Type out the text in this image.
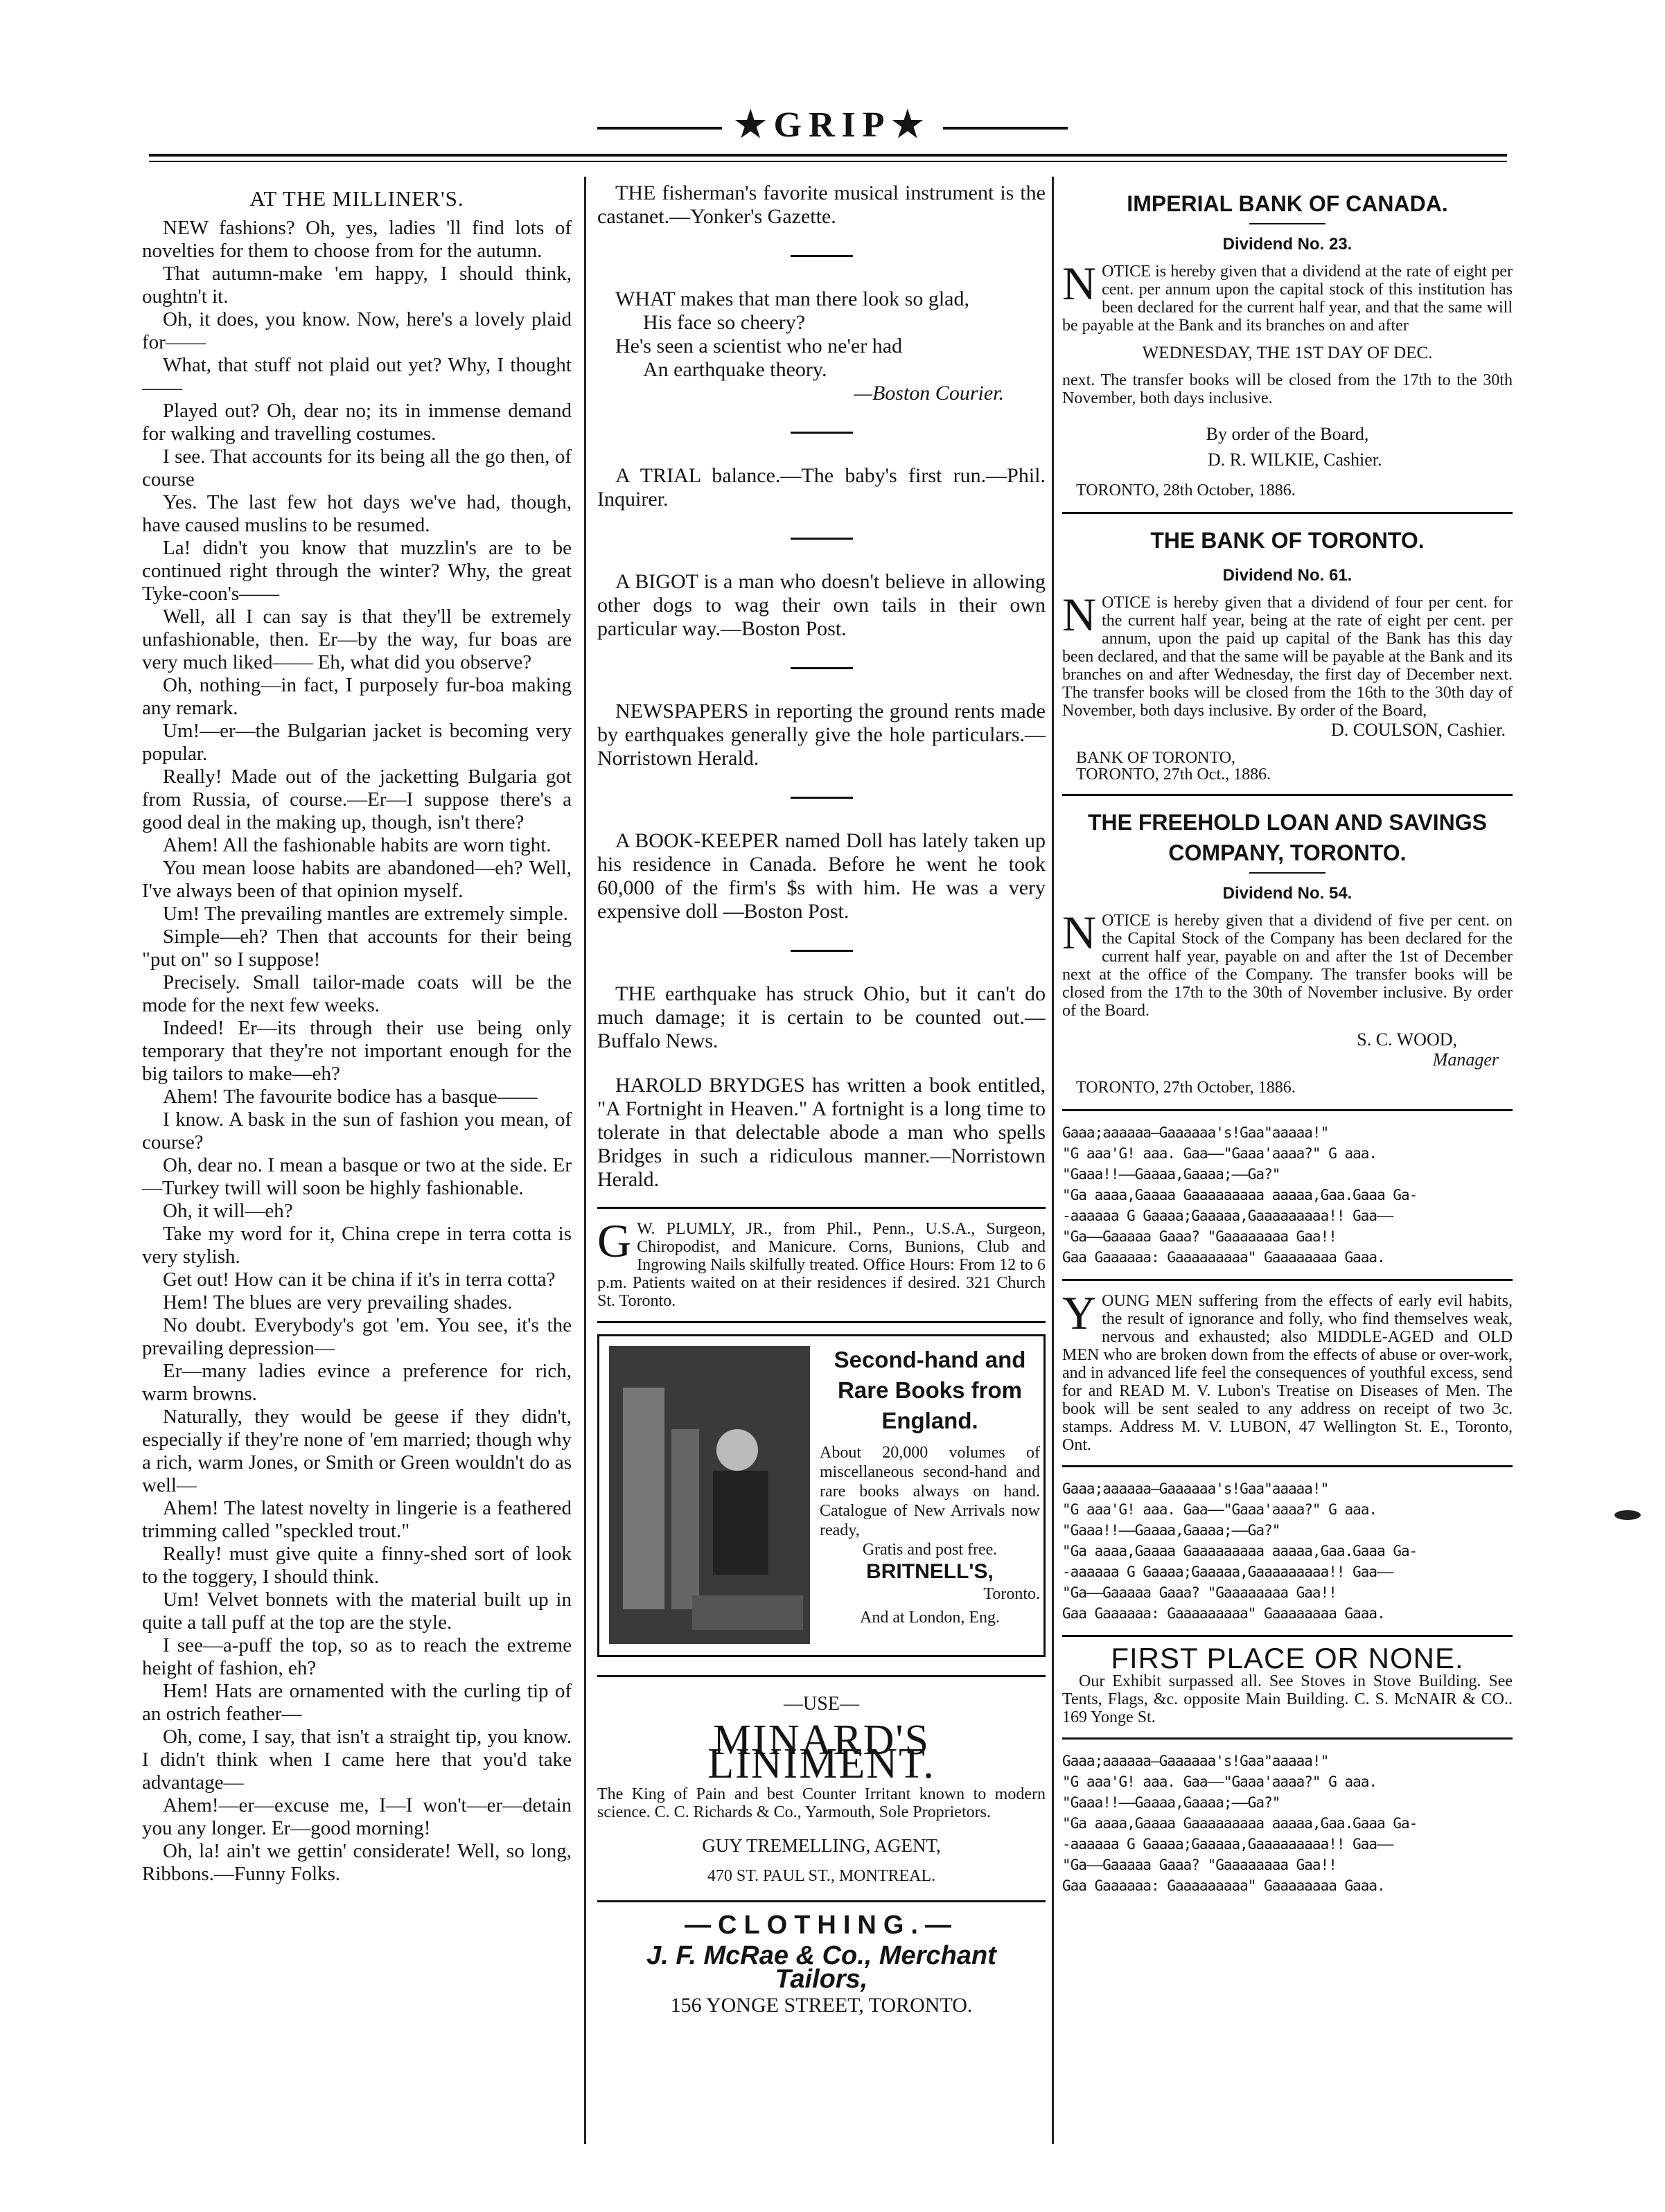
★GRIP★
AT THE MILLINER'S.

NEW fashions? Oh, yes, ladies 'll find lots of novelties for them to choose from for the autumn.

That autumn-make 'em happy, I should think, oughtn't it.

Oh, it does, you know. Now, here's a lovely plaid for——

What, that stuff not plaid out yet? Why, I thought——

Played out? Oh, dear no; its in immense demand for walking and travelling costumes.

I see. That accounts for its being all the go then, of course

Yes. The last few hot days we've had, though, have caused muslins to be resumed.

La! didn't you know that muzzlin's are to be continued right through the winter? Why, the great Tyke-coon's——

Well, all I can say is that they'll be extremely unfashionable, then. Er—by the way, fur boas are very much liked—— Eh, what did you observe?

Oh, nothing—in fact, I purposely fur-boa making any remark.

Um!—er—the Bulgarian jacket is becoming very popular.

Really! Made out of the jacketting Bulgaria got from Russia, of course.—Er—I suppose there's a good deal in the making up, though, isn't there?

Ahem! All the fashionable habits are worn tight.

You mean loose habits are abandoned—eh? Well, I've always been of that opinion myself.

Um! The prevailing mantles are extremely simple.

Simple—eh? Then that accounts for their being "put on" so I suppose!

Precisely. Small tailor-made coats will be the mode for the next few weeks.

Indeed! Er—its through their use being only temporary that they're not important enough for the big tailors to make—eh?

Ahem! The favourite bodice has a basque——

I know. A bask in the sun of fashion you mean, of course?

Oh, dear no. I mean a basque or two at the side. Er—Turkey twill will soon be highly fashionable.

Oh, it will—eh?

Take my word for it, China crepe in terra cotta is very stylish.

Get out! How can it be china if it's in terra cotta?

Hem! The blues are very prevailing shades.

No doubt. Everybody's got 'em. You see, it's the prevailing depression—

Er—many ladies evince a preference for rich, warm browns.

Naturally, they would be geese if they didn't, especially if they're none of 'em married; though why a rich, warm Jones, or Smith or Green wouldn't do as well—

Ahem! The latest novelty in lingerie is a feathered trimming called "speckled trout."

Really! must give quite a finny-shed sort of look to the toggery, I should think.

Um! Velvet bonnets with the material built up in quite a tall puff at the top are the style.

I see—a-puff the top, so as to reach the extreme height of fashion, eh?

Hem! Hats are ornamented with the curling tip of an ostrich feather—

Oh, come, I say, that isn't a straight tip, you know. I didn't think when I came here that you'd take advantage—

Ahem!—er—excuse me, I—I won't—er—detain you any longer. Er—good morning!

Oh, la! ain't we gettin' considerate! Well, so long, Ribbons.—Funny Folks.

THE fisherman's favorite musical instrument is the castanet.—Yonker's Gazette.
WHAT makes that man there look so glad,
His face so cheery?
He's seen a scientist who ne'er had
An earthquake theory.
—Boston Courier.
A TRIAL balance.—The baby's first run.—Phil. Inquirer.
A BIGOT is a man who doesn't believe in allowing other dogs to wag their own tails in their own particular way.—Boston Post.
NEWSPAPERS in reporting the ground rents made by earthquakes generally give the hole particulars.—Norristown Herald.
A BOOK-KEEPER named Doll has lately taken up his residence in Canada. Before he went he took 60,000 of the firm's $s with him. He was a very expensive doll —Boston Post.
THE earthquake has struck Ohio, but it can't do much damage; it is certain to be counted out.—Buffalo News.
HAROLD BRYDGES has written a book entitled, "A Fortnight in Heaven." A fortnight is a long time to tolerate in that delectable abode a man who spells Bridges in such a ridiculous manner.—Norristown Herald.
G W. PLUMLY, JR., from Phil., Penn., U.S.A., Surgeon, Chiropodist, and Manicure. Corns, Bunions, Club and Ingrowing Nails skilfully treated. Office Hours: From 12 to 6 p.m. Patients waited on at their residences if desired. 321 Church St. Toronto.
Second-hand and Rare Books from England.
About 20,000 volumes of miscellaneous second-hand and rare books always on hand. Catalogue of New Arrivals now ready,
Gratis and post free.
BRITNELL'S,
Toronto.
And at London, Eng.
—USE—
MINARD'S LINIMENT.
The King of Pain and best Counter Irritant known to modern science. C. C. Richards & Co., Yarmouth, Sole Proprietors.
GUY TREMELLING, AGENT,
470 ST. PAUL ST., MONTREAL.
—CLOTHING.—
J. F. McRae & Co., Merchant Tailors,
156 YONGE STREET, TORONTO.
IMPERIAL BANK OF CANADA.
Dividend No. 23.
NOTICE is hereby given that a dividend at the rate of eight per cent. per annum upon the capital stock of this institution has been declared for the current half year, and that the same will be payable at the Bank and its branches on and after
WEDNESDAY, THE 1ST DAY OF DEC.
next. The transfer books will be closed from the 17th to the 30th November, both days inclusive.
By order of the Board,
D. R. WILKIE, Cashier.
TORONTO, 28th October, 1886.
THE BANK OF TORONTO.
Dividend No. 61.
NOTICE is hereby given that a dividend of four per cent. for the current half year, being at the rate of eight per cent. per annum, upon the paid up capital of the Bank has this day been declared, and that the same will be payable at the Bank and its branches on and after Wednesday, the first day of December next. The transfer books will be closed from the 16th to the 30th day of November, both days inclusive. By order of the Board,
D. COULSON, Cashier.
BANK OF TORONTO,
TORONTO, 27th Oct., 1886.
THE FREEHOLD LOAN AND SAVINGS COMPANY, TORONTO.
Dividend No. 54.
NOTICE is hereby given that a dividend of five per cent. on the Capital Stock of the Company has been declared for the current half year, payable on and after the 1st of December next at the office of the Company. The transfer books will be closed from the 17th to the 30th of November inclusive. By order of the Board.
S. C. WOOD,
Manager
TORONTO, 27th October, 1886.
Gaaa;aaaaaa—Gaaaaaa's!Gaa"aaaaa!"
"G aaa'G! aaa. Gaa——"Gaaa'aaaa?" G aaa.
"Gaaa!!——Gaaaa,Gaaaa;——Ga?"
"Ga aaaa,Gaaaa Gaaaaaaaaa aaaaa,Gaa.Gaaa Ga-
-aaaaaa G Gaaaa;Gaaaaa,Gaaaaaaaaa!! Gaa——
"Ga——Gaaaaa Gaaa? "Gaaaaaaaa Gaa!!
Gaa Gaaaaaa: Gaaaaaaaaa" Gaaaaaaaa Gaaa.
YOUNG MEN suffering from the effects of early evil habits, the result of ignorance and folly, who find themselves weak, nervous and exhausted; also MIDDLE-AGED and OLD MEN who are broken down from the effects of abuse or over-work, and in advanced life feel the consequences of youthful excess, send for and READ M. V. Lubon's Treatise on Diseases of Men. The book will be sent sealed to any address on receipt of two 3c. stamps. Address M. V. LUBON, 47 Wellington St. E., Toronto, Ont.
Gaaa;aaaaaa—Gaaaaaa's!Gaa"aaaaa!"
"G aaa'G! aaa. Gaa——"Gaaa'aaaa?" G aaa.
"Gaaa!!——Gaaaa,Gaaaa;——Ga?"
"Ga aaaa,Gaaaa Gaaaaaaaaa aaaaa,Gaa.Gaaa Ga-
-aaaaaa G Gaaaa;Gaaaaa,Gaaaaaaaaa!! Gaa——
"Ga——Gaaaaa Gaaa? "Gaaaaaaaa Gaa!!
Gaa Gaaaaaa: Gaaaaaaaaa" Gaaaaaaaa Gaaa.
FIRST PLACE OR NONE.
Our Exhibit surpassed all. See Stoves in Stove Building. See Tents, Flags, &c. opposite Main Building. C. S. McNAIR & CO.. 169 Yonge St.
Gaaa;aaaaaa—Gaaaaaa's!Gaa"aaaaa!"
"G aaa'G! aaa. Gaa——"Gaaa'aaaa?" G aaa.
"Gaaa!!——Gaaaa,Gaaaa;——Ga?"
"Ga aaaa,Gaaaa Gaaaaaaaaa aaaaa,Gaa.Gaaa Ga-
-aaaaaa G Gaaaa;Gaaaaa,Gaaaaaaaaa!! Gaa——
"Ga——Gaaaaa Gaaa? "Gaaaaaaaa Gaa!!
Gaa Gaaaaaa: Gaaaaaaaaa" Gaaaaaaaa Gaaa.
